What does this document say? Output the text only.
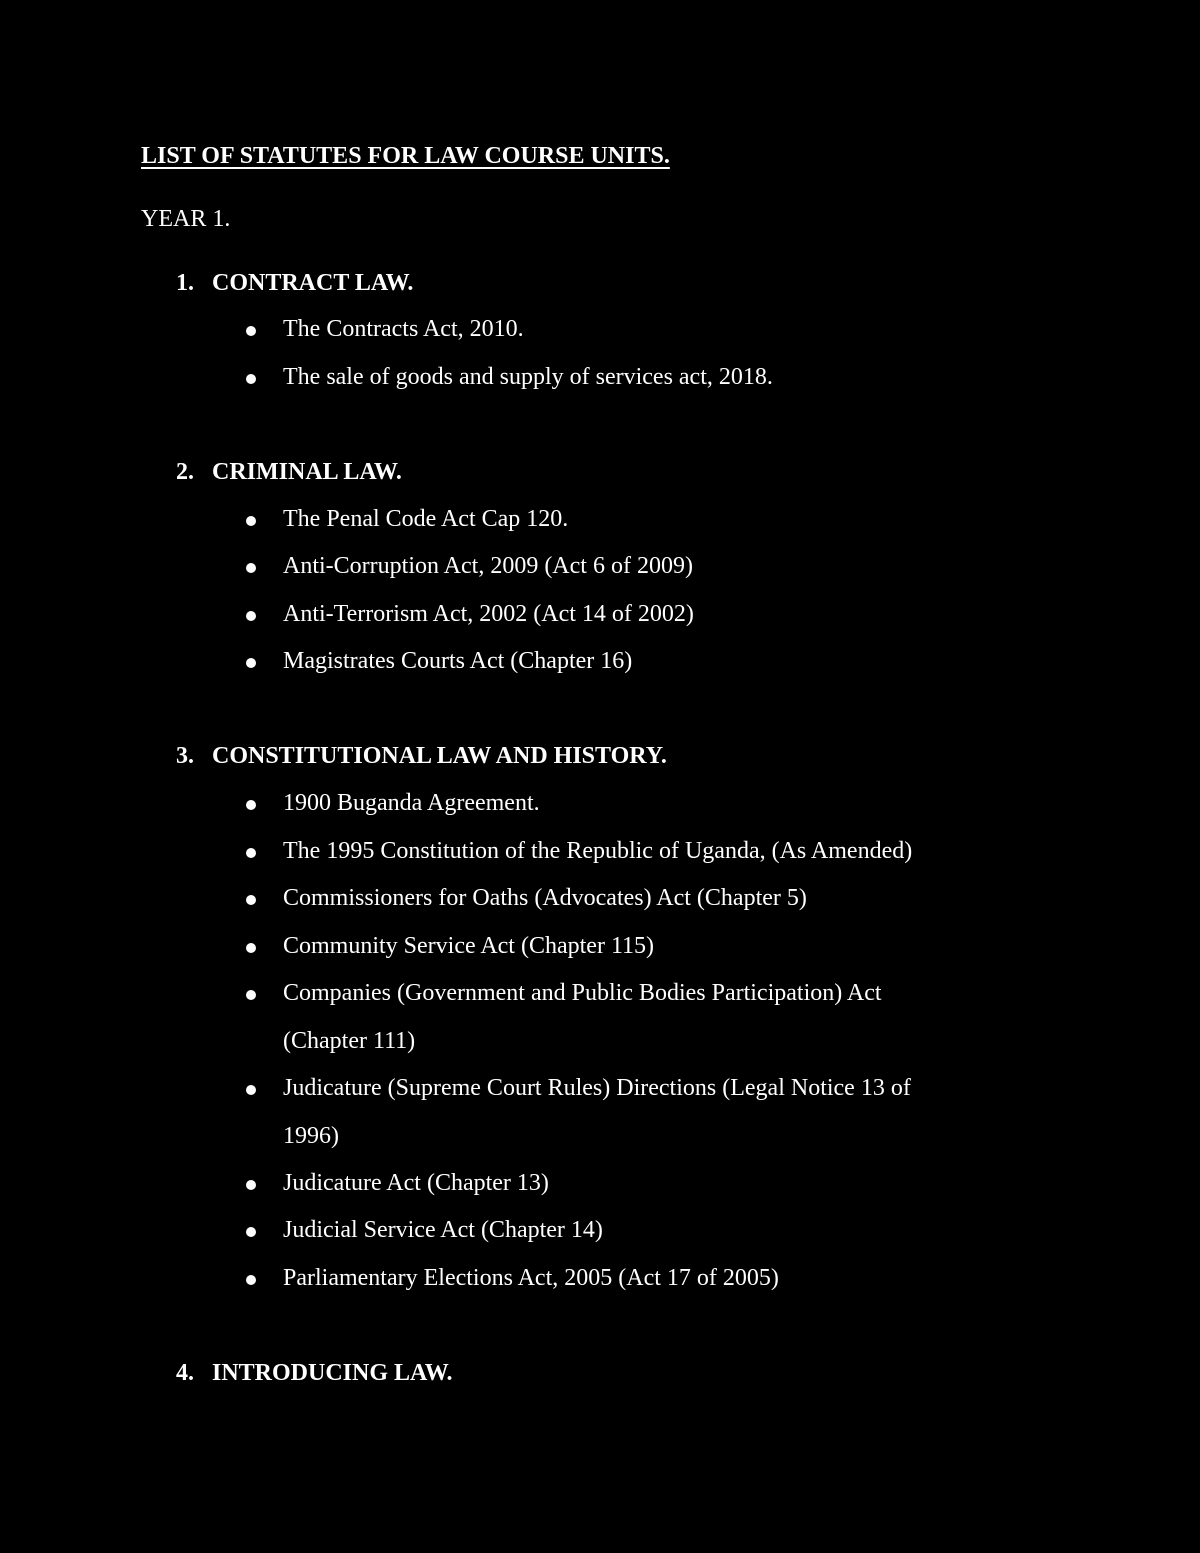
LIST OF STATUTES FOR LAW COURSE UNITS.

YEAR 1.

1. CONTRACT LAW.

The Contracts Act, 2010.

The sale of goods and supply of services act, 2018.

2. CRIMINAL LAW.

The Penal Code Act Cap 120.

Anti-Corruption Act, 2009 (Act 6 of 2009)

Anti-Terrorism Act, 2002 (Act 14 of 2002)

Magistrates Courts Act (Chapter 16)

3. CONSTITUTIONAL LAW AND HISTORY.

1900 Buganda Agreement.

The 1995 Constitution of the Republic of Uganda, (As Amended)

Commissioners for Oaths (Advocates) Act (Chapter 5)

Community Service Act (Chapter 115)

Companies (Government and Public Bodies Participation) Act

(Chapter 111)

Judicature (Supreme Court Rules) Directions (Legal Notice 13 of

1996)

Judicature Act (Chapter 13)

Judicial Service Act (Chapter 14)

Parliamentary Elections Act, 2005 (Act 17 of 2005)

4. INTRODUCING LAW.
